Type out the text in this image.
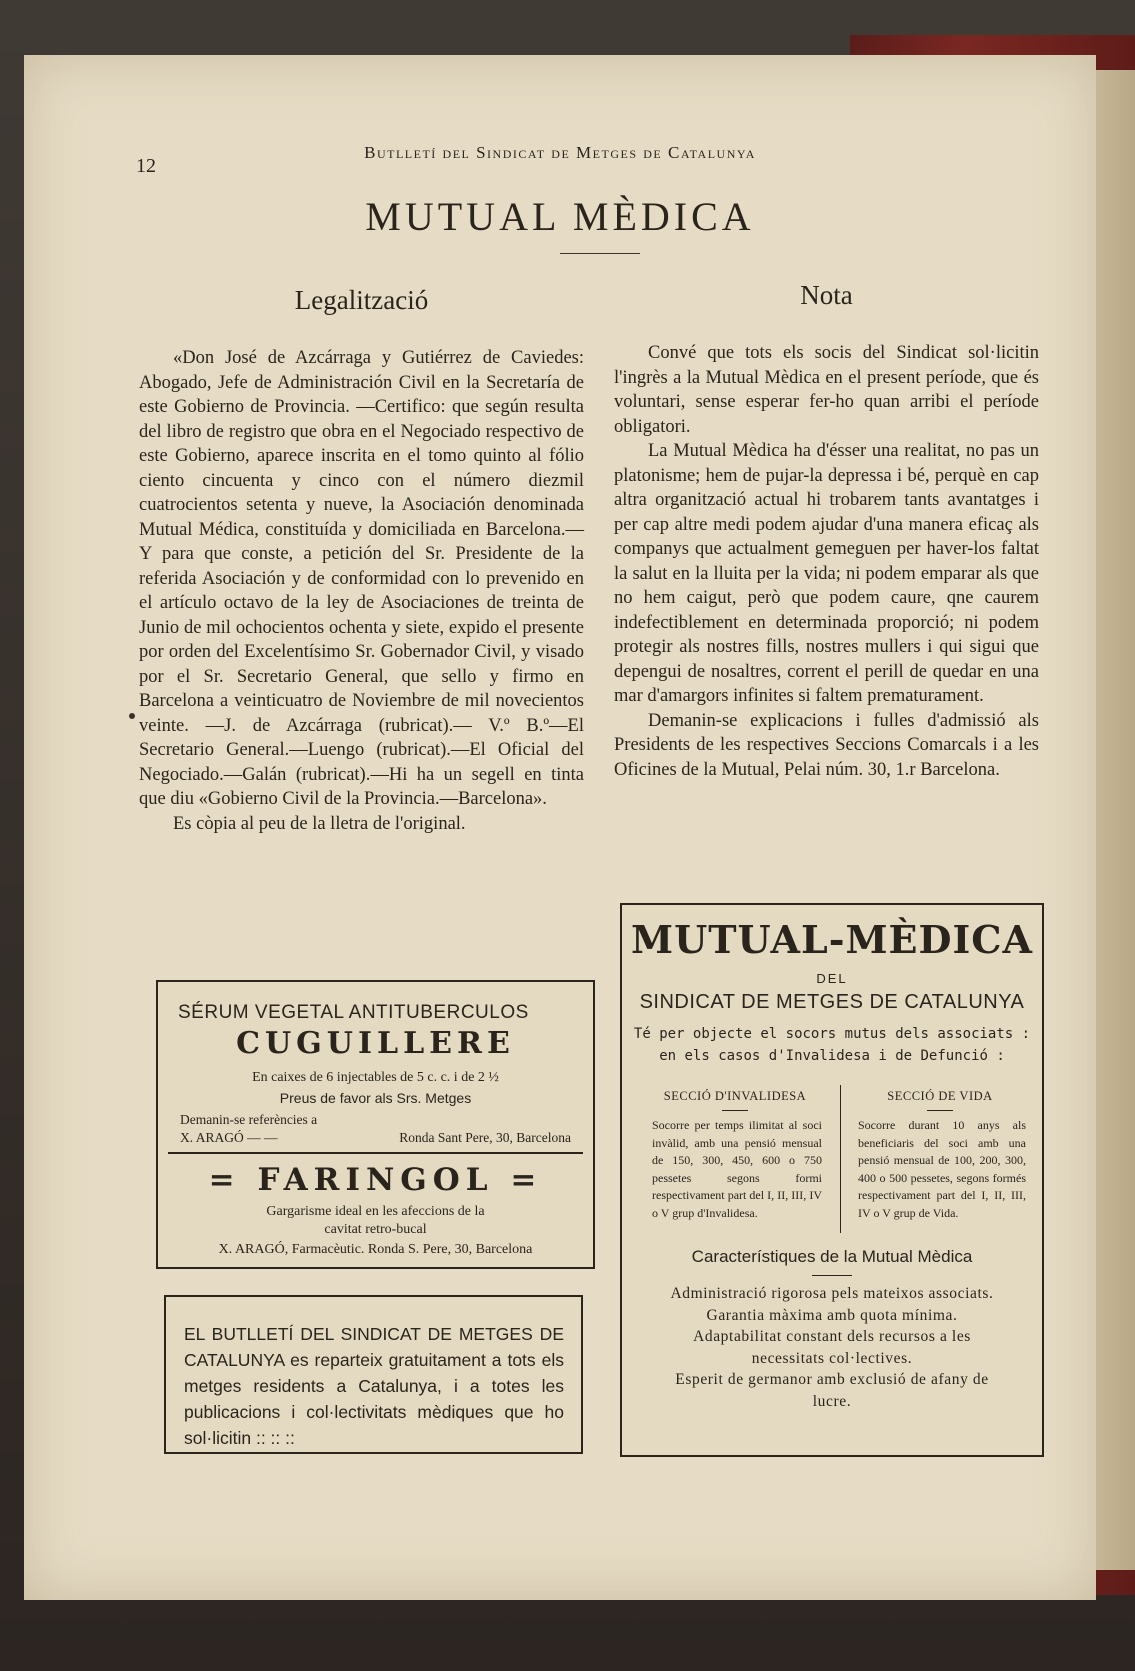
12
Butlletí del Sindicat de Metges de Catalunya
MUTUAL MÈDICA
Legalització

«Don José de Azcárraga y Gutiérrez de Caviedes: Abogado, Jefe de Administración Civil en la Secretaría de este Gobierno de Provincia. —Certifico: que según resulta del libro de registro que obra en el Negociado respectivo de este Gobierno, aparece inscrita en el tomo quinto al fólio ciento cincuenta y cinco con el número diezmil cuatrocientos setenta y nueve, la Asociación denominada Mutual Médica, constituída y domiciliada en Barcelona.—Y para que conste, a petición del Sr. Presidente de la referida Asociación y de conformidad con lo prevenido en el artículo octavo de la ley de Asociaciones de treinta de Junio de mil ochocientos ochenta y siete, expido el presente por orden del Excelentísimo Sr. Gobernador Civil, y visado por el Sr. Secretario General, que sello y firmo en Barcelona a veinticuatro de Noviembre de mil novecientos veinte. —J. de Azcárraga (rubricat).— V.º B.º—El Secretario General.—Luengo (rubricat).—El Oficial del Negociado.—Galán (rubricat).—Hi ha un segell en tinta que diu «Gobierno Civil de la Provincia.—Barcelona».

Es còpia al peu de la lletra de l'original.

Nota

Convé que tots els socis del Sindicat sol·licitin l'ingrès a la Mutual Mèdica en el present període, que és voluntari, sense esperar fer-ho quan arribi el període obligatori.

La Mutual Mèdica ha d'ésser una realitat, no pas un platonisme; hem de pujar-la depressa i bé, perquè en cap altra organització actual hi trobarem tants avantatges i per cap altre medi podem ajudar d'una manera eficaç als companys que actualment gemeguen per haver-los faltat la salut en la lluita per la vida; ni podem emparar als que no hem caigut, però que podem caure, qne caurem indefectiblement en determinada proporció; ni podem protegir als nostres fills, nostres mullers i qui sigui que depengui de nosaltres, corrent el perill de quedar en una mar d'amargors infinites si faltem prematurament.

Demanin-se explicacions i fulles d'admissió als Presidents de les respectives Seccions Comarcals i a les Oficines de la Mutual, Pelai núm. 30, 1.r Barcelona.

SÉRUM VEGETAL ANTITUBERCULOS
CUGUILLERE
En caixes de 6 injectables de 5 c. c. i de 2 ½
Preus de favor als Srs. Metges
Demanin-se referències a
X. ARAGÓ — —	Ronda Sant Pere, 30, Barcelona
= FARINGOL =
Gargarisme ideal en les afeccions de la
cavitat retro-bucal
X. ARAGÓ, Farmacèutic. Ronda S. Pere, 30, Barcelona
EL BUTLLETÍ DEL SINDICAT DE METGES DE CATALUNYA es reparteix gratuitament a tots els metges residents a Catalunya, i a totes les publicacions i col·lectivitats mèdiques que ho sol·licitin :: :: ::
MUTUAL-MÈDICA
DEL
SINDICAT DE METGES DE CATALUNYA
Té per objecte el socors mutus dels associats : en els casos d'Invalidesa i de Defunció :
SECCIÓ D'INVALIDESA
Socorre per temps ilimitat al soci invàlid, amb una pensió mensual de 150, 300, 450, 600 o 750 pessetes segons formi respectivament part del I, II, III, IV o V grup d'Invalidesa.
SECCIÓ DE VIDA
Socorre durant 10 anys als beneficiaris del soci amb una pensió mensual de 100, 200, 300, 400 o 500 pessetes, segons formés respectivament part del I, II, III, IV o V grup de Vida.
Característiques de la Mutual Mèdica
Administració rigorosa pels mateixos associats.
Garantia màxima amb quota mínima.
Adaptabilitat constant dels recursos a les necessitats col·lectives.
Esperit de germanor amb exclusió de afany de lucre.
